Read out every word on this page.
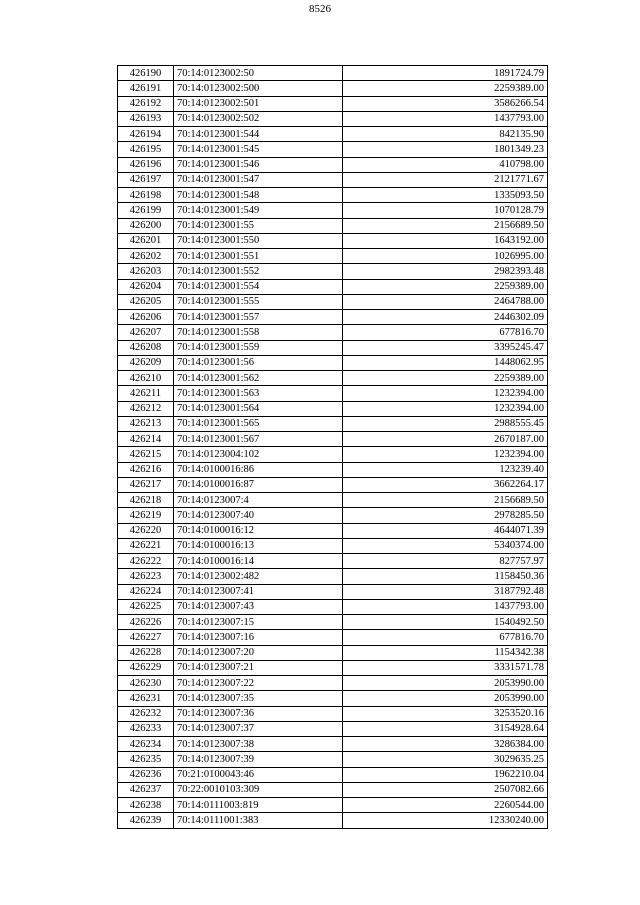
8526
426190	70:14:0123002:50	1891724.79
426191	70:14:0123002:500	2259389.00
426192	70:14:0123002:501	3586266.54
426193	70:14:0123002:502	1437793.00
426194	70:14:0123001:544	842135.90
426195	70:14:0123001:545	1801349.23
426196	70:14:0123001:546	410798.00
426197	70:14:0123001:547	2121771.67
426198	70:14:0123001:548	1335093.50
426199	70:14:0123001:549	1070128.79
426200	70:14:0123001:55	2156689.50
426201	70:14:0123001:550	1643192.00
426202	70:14:0123001:551	1026995.00
426203	70:14:0123001:552	2982393.48
426204	70:14:0123001:554	2259389.00
426205	70:14:0123001:555	2464788.00
426206	70:14:0123001:557	2446302.09
426207	70:14:0123001:558	677816.70
426208	70:14:0123001:559	3395245.47
426209	70:14:0123001:56	1448062.95
426210	70:14:0123001:562	2259389.00
426211	70:14:0123001:563	1232394.00
426212	70:14:0123001:564	1232394.00
426213	70:14:0123001:565	2988555.45
426214	70:14:0123001:567	2670187.00
426215	70:14:0123004:102	1232394.00
426216	70:14:0100016:86	123239.40
426217	70:14:0100016:87	3662264.17
426218	70:14:0123007:4	2156689.50
426219	70:14:0123007:40	2978285.50
426220	70:14:0100016:12	4644071.39
426221	70:14:0100016:13	5340374.00
426222	70:14:0100016:14	827757.97
426223	70:14:0123002:482	1158450.36
426224	70:14:0123007:41	3187792.48
426225	70:14:0123007:43	1437793.00
426226	70:14:0123007:15	1540492.50
426227	70:14:0123007:16	677816.70
426228	70:14:0123007:20	1154342.38
426229	70:14:0123007:21	3331571.78
426230	70:14:0123007:22	2053990.00
426231	70:14:0123007:35	2053990.00
426232	70:14:0123007:36	3253520.16
426233	70:14:0123007:37	3154928.64
426234	70:14:0123007:38	3286384.00
426235	70:14:0123007:39	3029635.25
426236	70:21:0100043:46	1962210.04
426237	70:22:0010103:309	2507082.66
426238	70:14:0111003:819	2260544.00
426239	70:14:0111001:383	12330240.00
